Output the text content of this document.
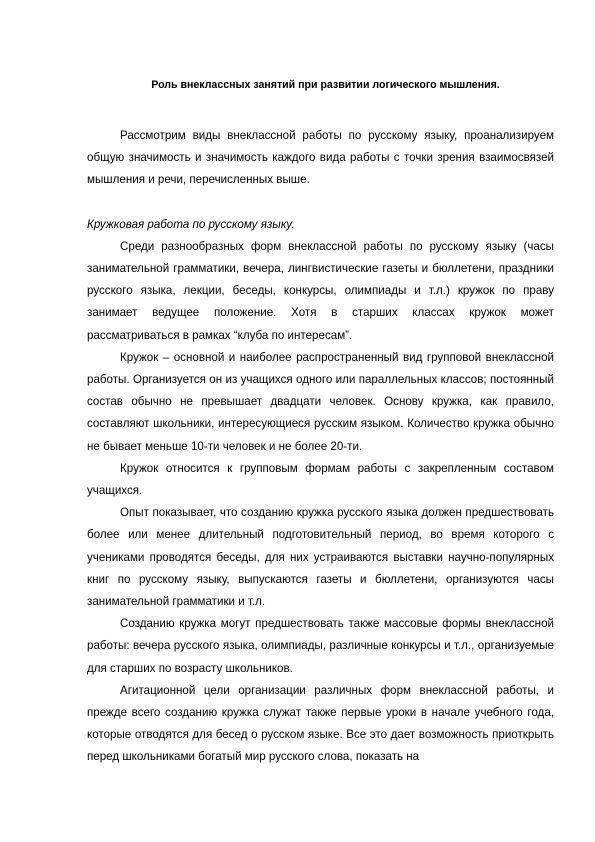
Роль внеклассных занятий при развитии логического мышления.

Рассмотрим виды внеклассной работы по русскому языку, проанализируем общую значимость и значимость каждого вида работы с точки зрения взаимосвязей мышления и речи, перечисленных выше.

Кружковая работа по русскому языку.

Среди разнообразных форм внеклассной работы по русскому языку (часы занимательной грамматики, вечера, лингвистические газеты и бюллетени, праздники русского языка, лекции, беседы, конкурсы, олимпиады и т.л.) кружок по праву занимает ведущее положение. Хотя в старших классах кружок может рассматриваться в рамках “клуба по интересам”.

Кружок – основной и наиболее распространенный вид групповой внеклассной работы. Организуется он из учащихся одного или параллельных классов; постоянный состав обычно не превышает двадцати человек. Основу кружка, как правило, составляют школьники, интересующиеся русским языком. Количество кружка обычно не бывает меньше 10-ти человек и не более 20-ти.

Кружок относится к групповым формам работы с закрепленным составом учащихся.

Опыт показывает, что созданию кружка русского языка должен предшествовать более или менее длительный подготовительный период, во время которого с учениками проводятся беседы, для них устраиваются выставки научно-популярных книг по русскому языку, выпускаются газеты и бюллетени, организуются часы занимательной грамматики и т.л.

Созданию кружка могут предшествовать также массовые формы внеклассной работы: вечера русского языка, олимпиады, различные конкурсы и т.л., организуемые для старших по возрасту школьников.

Агитационной цели организации различных форм внеклассной работы, и прежде всего созданию кружка служат также первые уроки в начале учебного года, которые отводятся для бесед о русском языке. Все это дает возможность приоткрыть перед школьниками богатый мир русского слова, показать на
